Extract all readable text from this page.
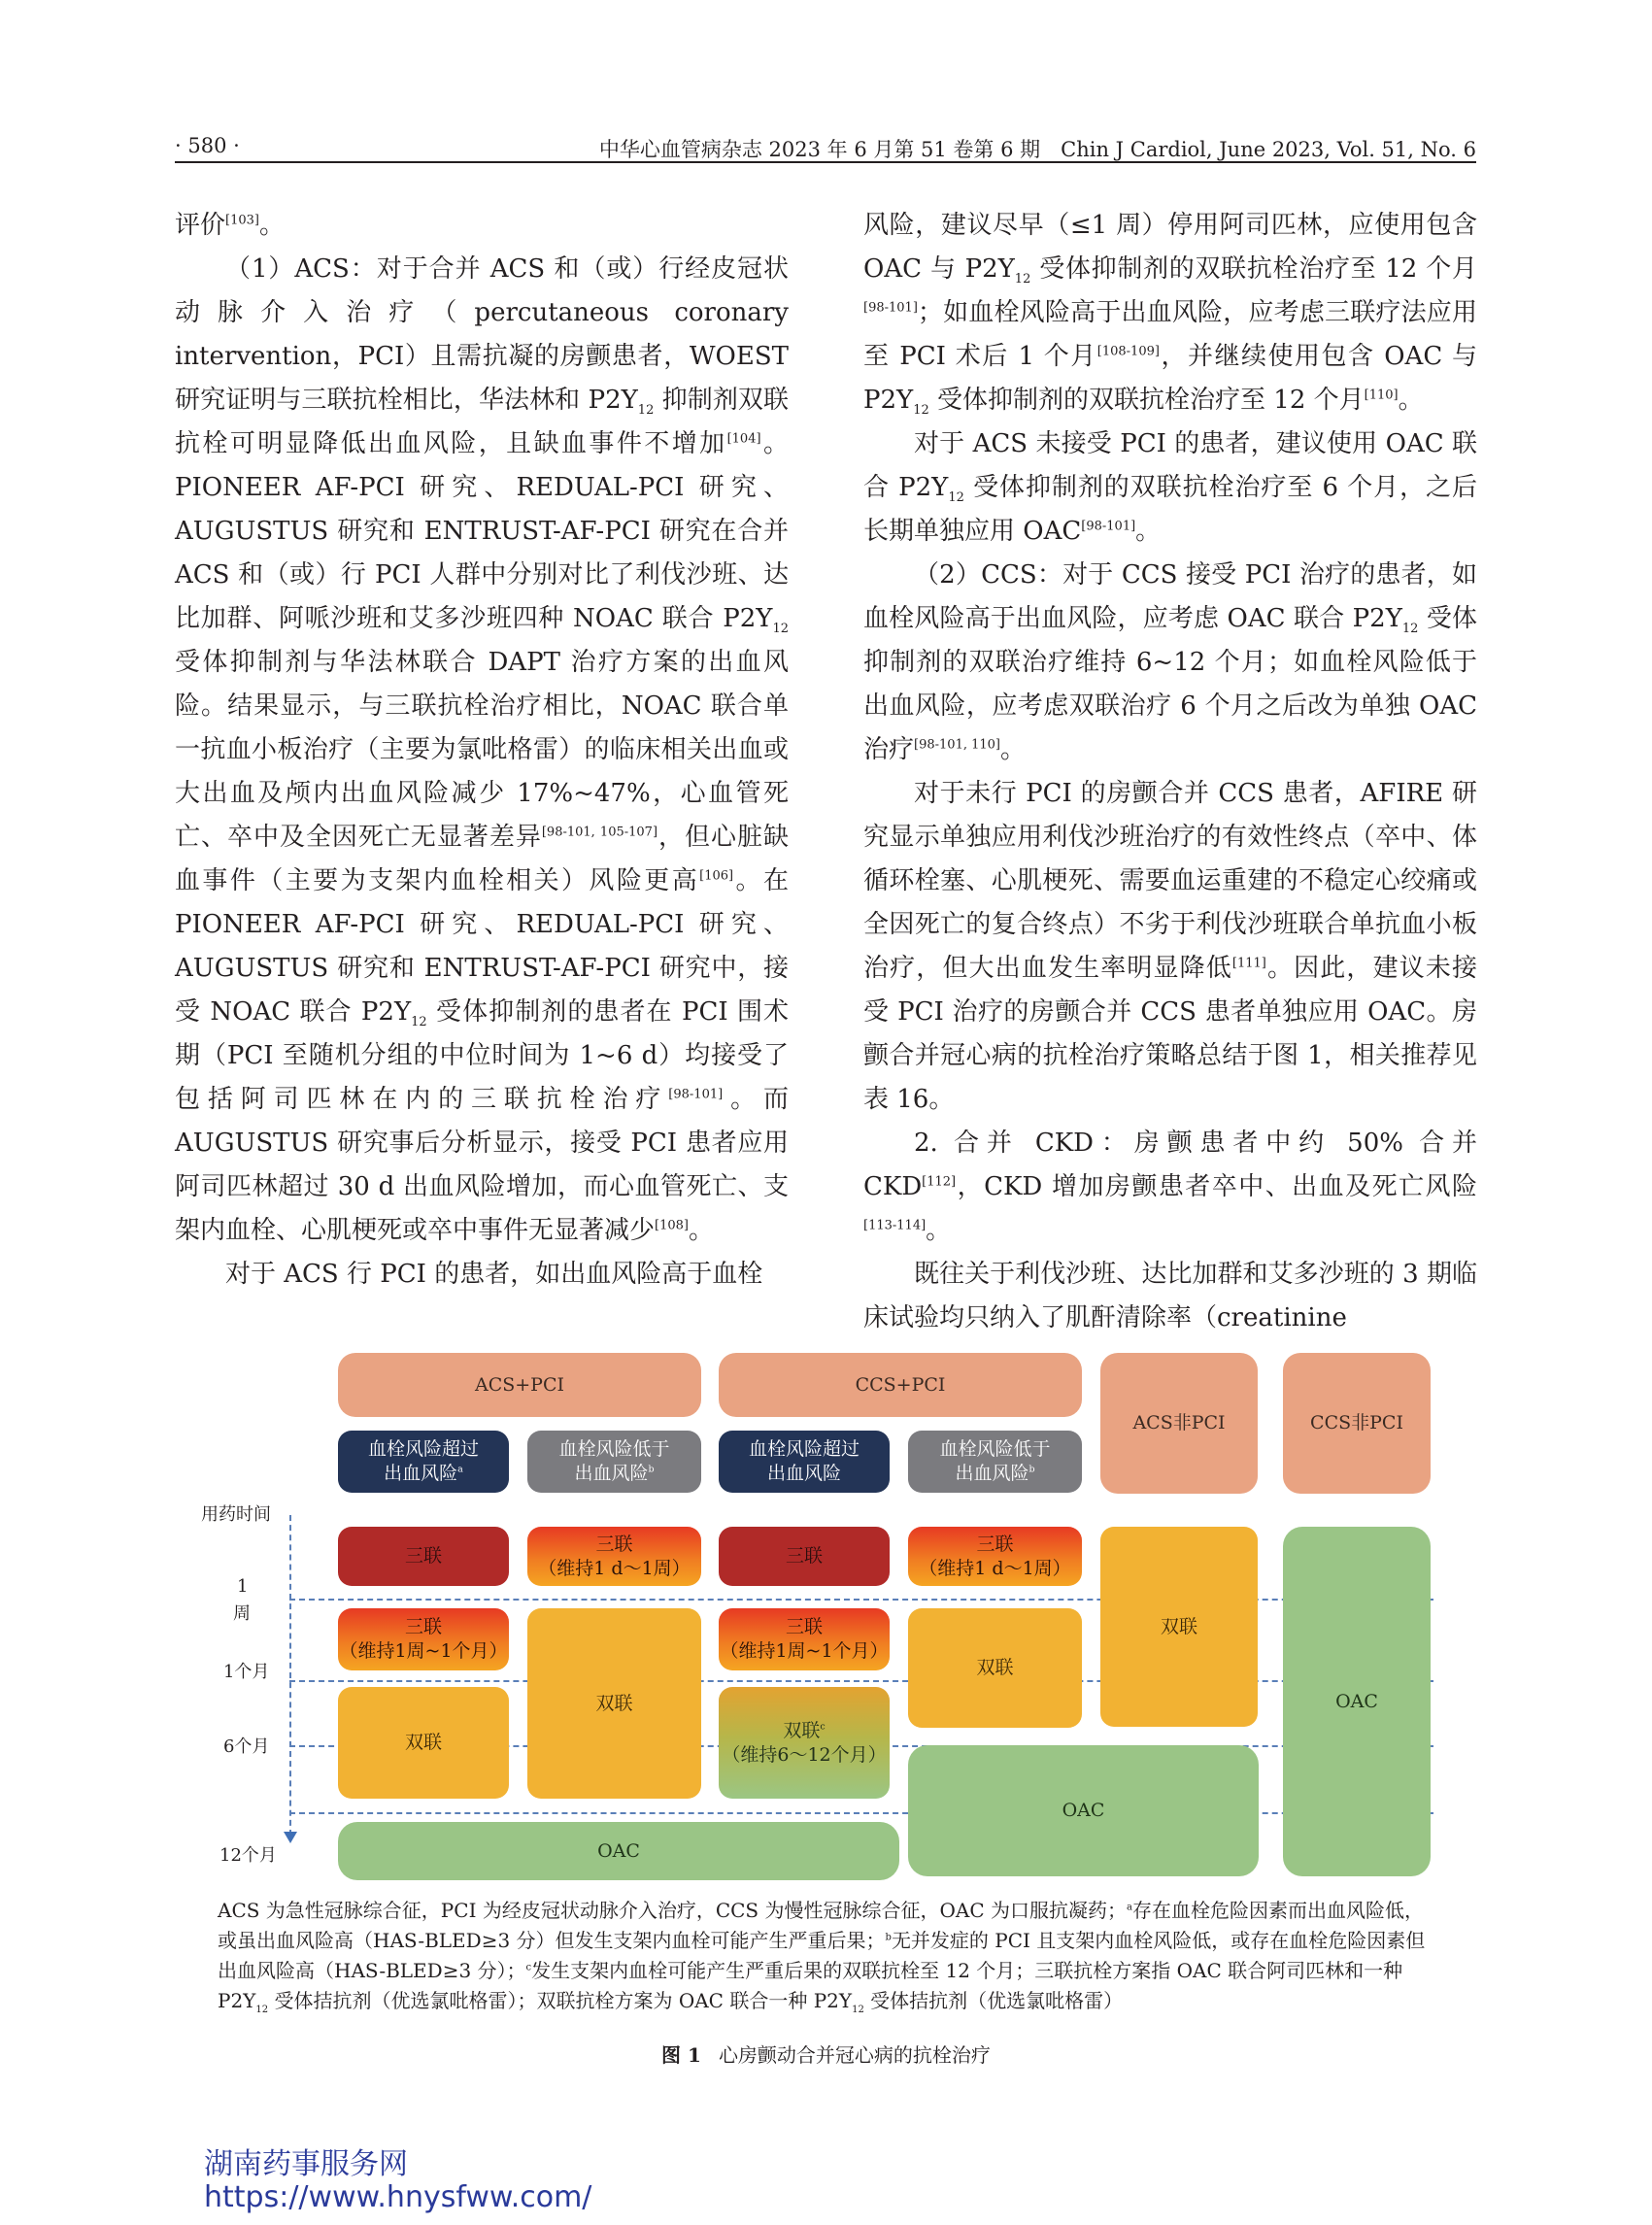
· 580 ·	中华心血管病杂志 2023 年 6 月第 51 卷第 6 期　Chin J Cardiol, June 2023, Vol. 51, No. 6

评价[103]。

（1）ACS：对于合并 ACS 和（或）行经皮冠状动脉介入治疗（percutaneous coronary intervention，PCI）且需抗凝的房颤患者，WOEST 研究证明与三联抗栓相比，华法林和 $P2Y_{12}$ 抑制剂双联抗栓可明显降低出血风险，且缺血事件不增加[104]。PIONEER AF-PCI 研究、REDUAL-PCI 研究、AUGUSTUS 研究和 ENTRUST-AF-PCI 研究在合并 ACS 和（或）行 PCI 人群中分别对比了利伐沙班、达比加群、阿哌沙班和艾多沙班四种 NOAC 联合 $P2Y_{12}$ 受体抑制剂与华法林联合 DAPT 治疗方案的出血风险。结果显示，与三联抗栓治疗相比，NOAC 联合单一抗血小板治疗（主要为氯吡格雷）的临床相关出血或大出血及颅内出血风险减少 17%~47%，心血管死亡、卒中及全因死亡无显著差异[98-101, 105-107]，但心脏缺血事件（主要为支架内血栓相关）风险更高[106]。在 PIONEER AF-PCI 研究、REDUAL-PCI 研究、AUGUSTUS 研究和 ENTRUST-AF-PCI 研究中，接受 NOAC 联合 $P2Y_{12}$ 受体抑制剂的患者在 PCI 围术期（PCI 至随机分组的中位时间为 1~6 d）均接受了包括阿司匹林在内的三联抗栓治疗[98-101]。而 AUGUSTUS 研究事后分析显示，接受 PCI 患者应用阿司匹林超过 30 d 出血风险增加，而心血管死亡、支架内血栓、心肌梗死或卒中事件无显著减少[108]。

对于 ACS 行 PCI 的患者，如出血风险高于血栓

风险，建议尽早（≤1 周）停用阿司匹林，应使用包含 OAC 与 $P2Y_{12}$ 受体抑制剂的双联抗栓治疗至 12 个月[98-101]；如血栓风险高于出血风险，应考虑三联疗法应用至 PCI 术后 1 个月[108-109]，并继续使用包含 OAC 与 $P2Y_{12}$ 受体抑制剂的双联抗栓治疗至 12 个月[110]。

对于 ACS 未接受 PCI 的患者，建议使用 OAC 联合 $P2Y_{12}$ 受体抑制剂的双联抗栓治疗至 6 个月，之后长期单独应用 OAC[98-101]。

（2）CCS：对于 CCS 接受 PCI 治疗的患者，如血栓风险高于出血风险，应考虑 OAC 联合 $P2Y_{12}$ 受体抑制剂的双联治疗维持 6~12 个月；如血栓风险低于出血风险，应考虑双联治疗 6 个月之后改为单独 OAC 治疗[98-101, 110]。

对于未行 PCI 的房颤合并 CCS 患者，AFIRE 研究显示单独应用利伐沙班治疗的有效性终点（卒中、体循环栓塞、心肌梗死、需要血运重建的不稳定心绞痛或全因死亡的复合终点）不劣于利伐沙班联合单抗血小板治疗，但大出血发生率明显降低[111]。因此，建议未接受 PCI 治疗的房颤合并 CCS 患者单独应用 OAC。房颤合并冠心病的抗栓治疗策略总结于图 1，相关推荐见表 16。

2. 合并 CKD：房颤患者中约 50% 合并 CKD[112]，CKD 增加房颤患者卒中、出血及死亡风险[113-114]。

既往关于利伐沙班、达比加群和艾多沙班的 3 期临床试验均只纳入了肌酐清除率（creatinine

ACS+PCI	CCS+PCI
ACS非PCI	CCS非PCI
血栓风险超过
出血风险$^a$
血栓风险低于
出血风险$^b$
血栓风险超过
出血风险
血栓风险低于
出血风险$^b$
用药时间
1
周
1个月
6个月
12个月
三联
三联
（维持1周~1个月）
双联
三联
（维持1 d～1周）
双联
OAC
三联
三联
（维持1周~1个月）
双联$^c$
（维持6～12个月）
三联
（维持1 d～1周）
双联
OAC
双联
OAC

ACS 为急性冠脉综合征，PCI 为经皮冠状动脉介入治疗，CCS 为慢性冠脉综合征，OAC 为口服抗凝药；$^a$存在血栓危险因素而出血风险低，或虽出血风险高（HAS-BLED≥3 分）但发生支架内血栓可能产生严重后果；$^b$无并发症的 PCI 且支架内血栓风险低，或存在血栓危险因素但出血风险高（HAS-BLED≥3 分）；$^c$发生支架内血栓可能产生严重后果的双联抗栓至 12 个月；三联抗栓方案指 OAC 联合阿司匹林和一种 $P2Y_{12}$ 受体拮抗剂（优选氯吡格雷）；双联抗栓方案为 OAC 联合一种 $P2Y_{12}$ 受体拮抗剂（优选氯吡格雷）

图 1 心房颤动合并冠心病的抗栓治疗
湖南药事服务网
https://www.hnysfww.com/
